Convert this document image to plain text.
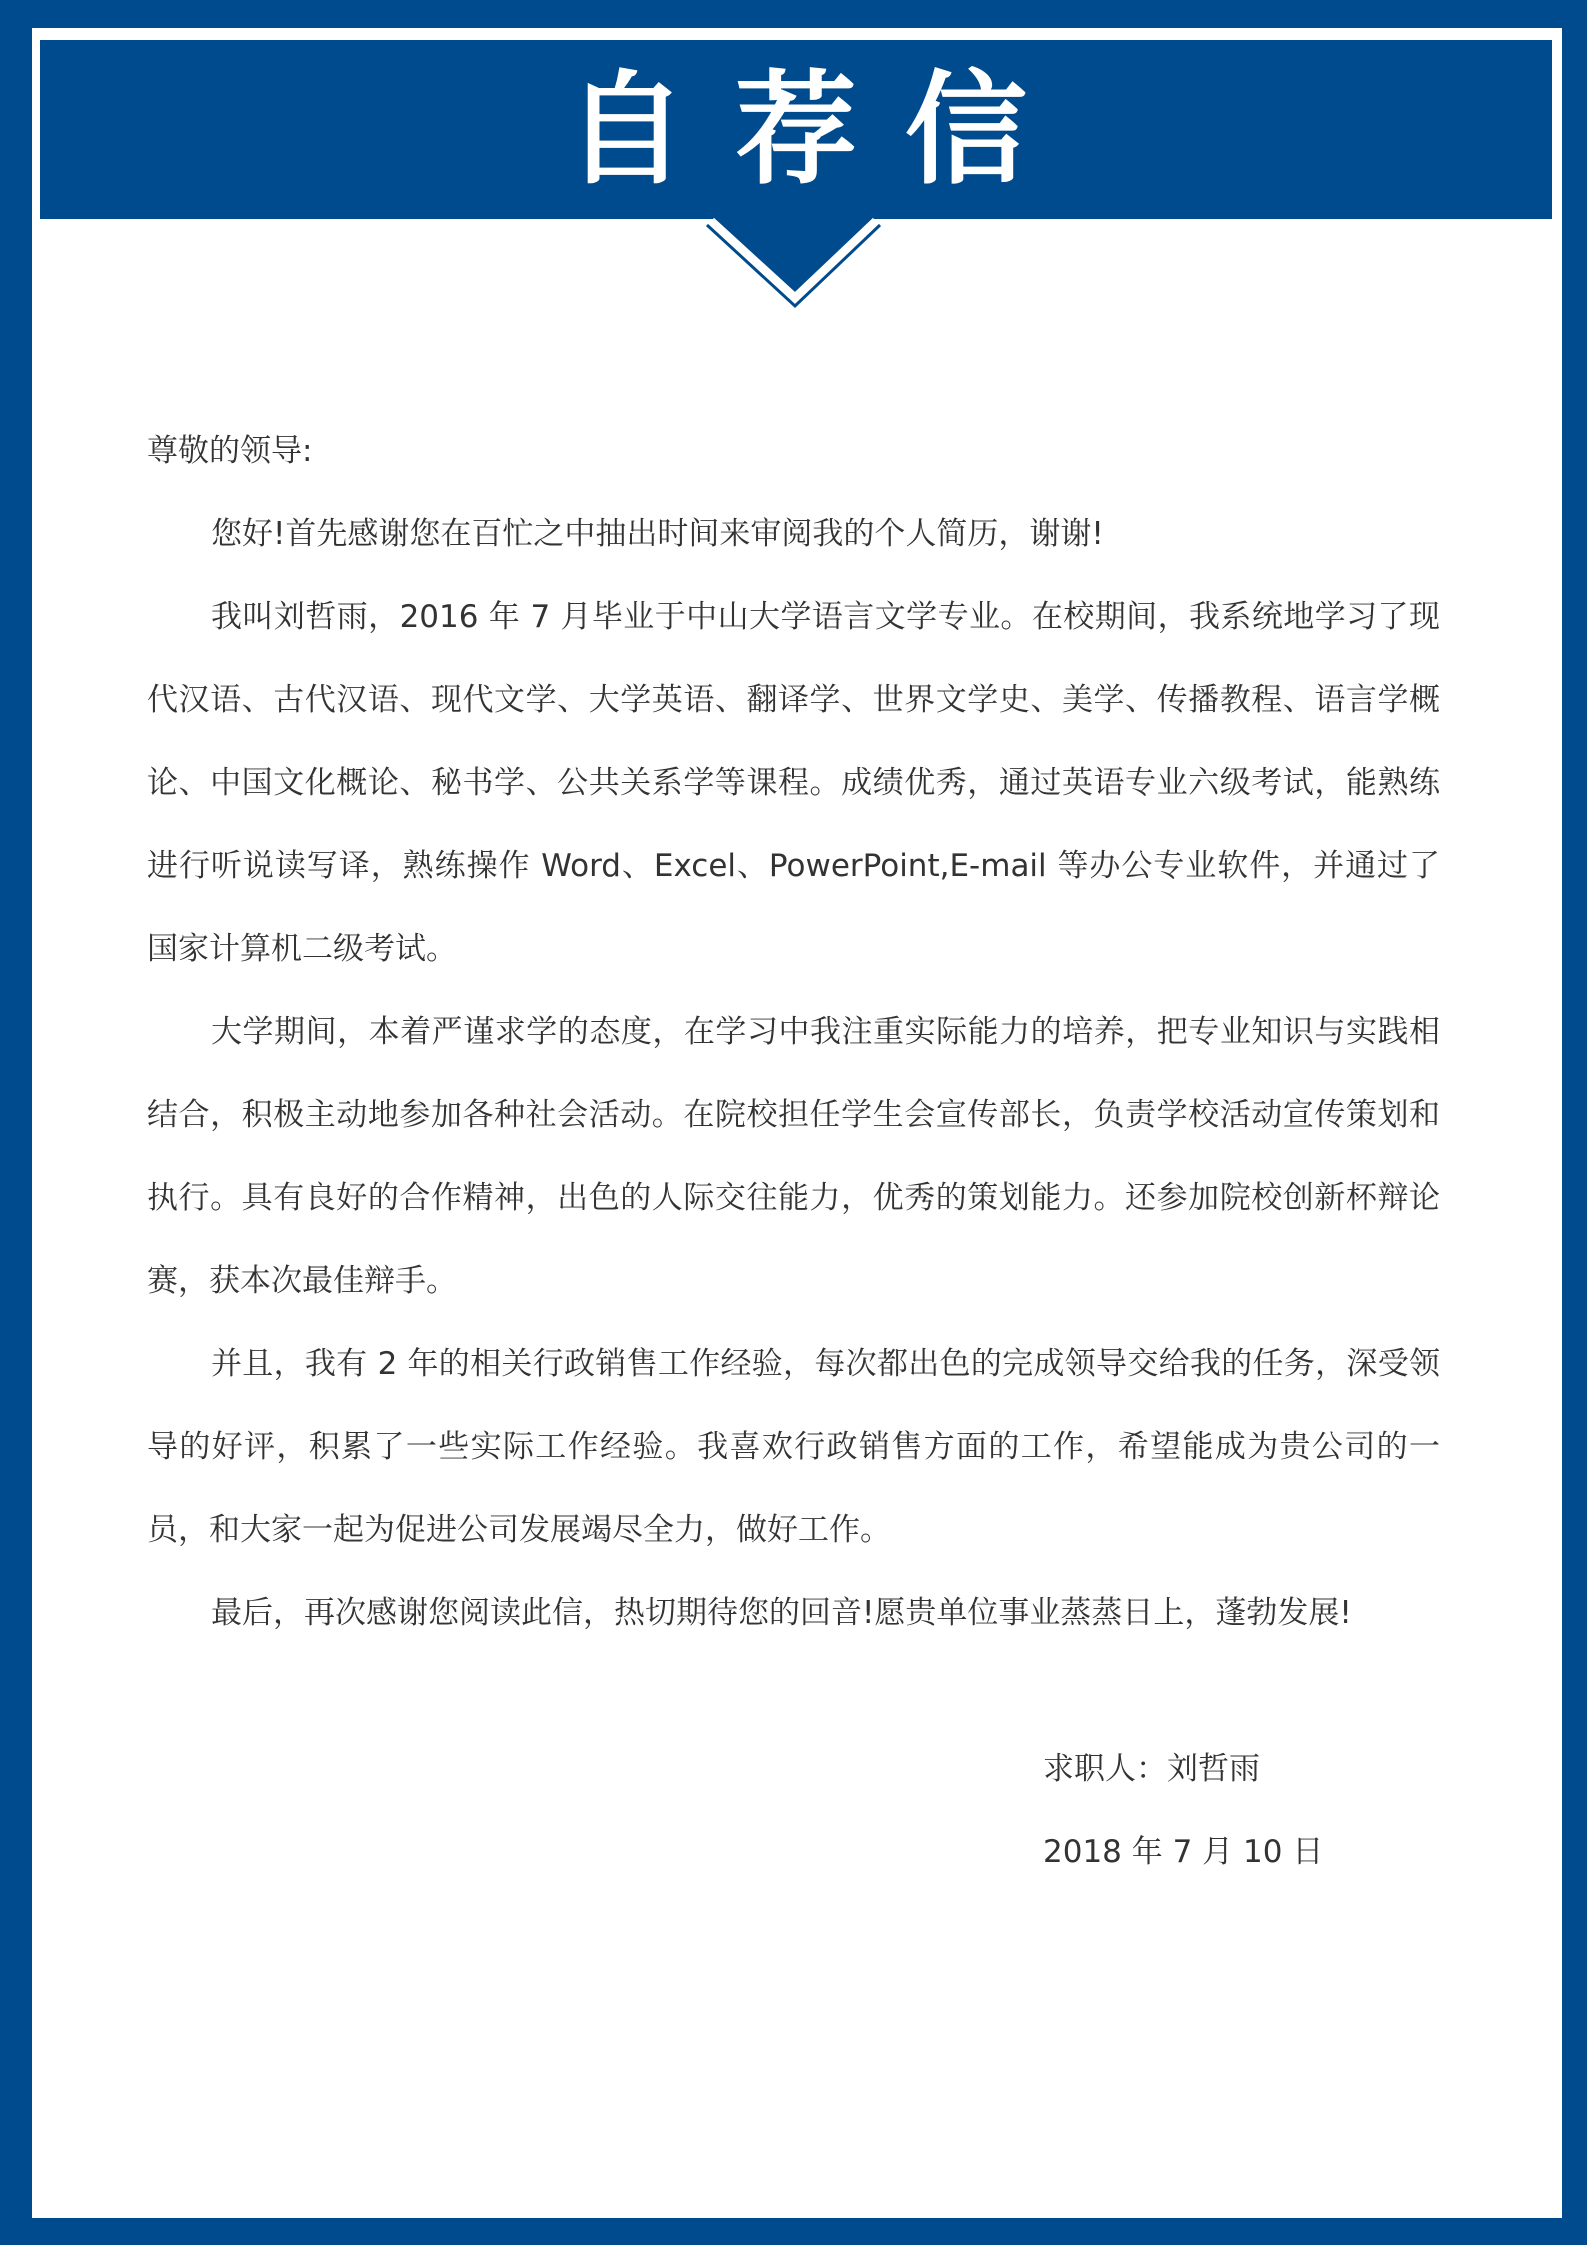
自荐信

尊敬的领导:

您好!首先感谢您在百忙之中抽出时间来审阅我的个人简历，谢谢!

我叫刘哲雨，2016 年 7 月毕业于中山大学语言文学专业。在校期间，我系统地学习了现代汉语、古代汉语、现代文学、大学英语、翻译学、世界文学史、美学、传播教程、语言学概论、中国文化概论、秘书学、公共关系学等课程。成绩优秀，通过英语专业六级考试，能熟练进行听说读写译，熟练操作 Word、Excel、PowerPoint,E-mail 等办公专业软件，并通过了国家计算机二级考试。

大学期间，本着严谨求学的态度，在学习中我注重实际能力的培养，把专业知识与实践相结合，积极主动地参加各种社会活动。在院校担任学生会宣传部长，负责学校活动宣传策划和执行。具有良好的合作精神，出色的人际交往能力，优秀的策划能力。还参加院校创新杯辩论赛，获本次最佳辩手。

并且，我有 2 年的相关行政销售工作经验，每次都出色的完成领导交给我的任务，深受领导的好评，积累了一些实际工作经验。我喜欢行政销售方面的工作，希望能成为贵公司的一员，和大家一起为促进公司发展竭尽全力，做好工作。

最后，再次感谢您阅读此信，热切期待您的回音!愿贵单位事业蒸蒸日上，蓬勃发展!

求职人：刘哲雨

2018 年 7 月 10 日
